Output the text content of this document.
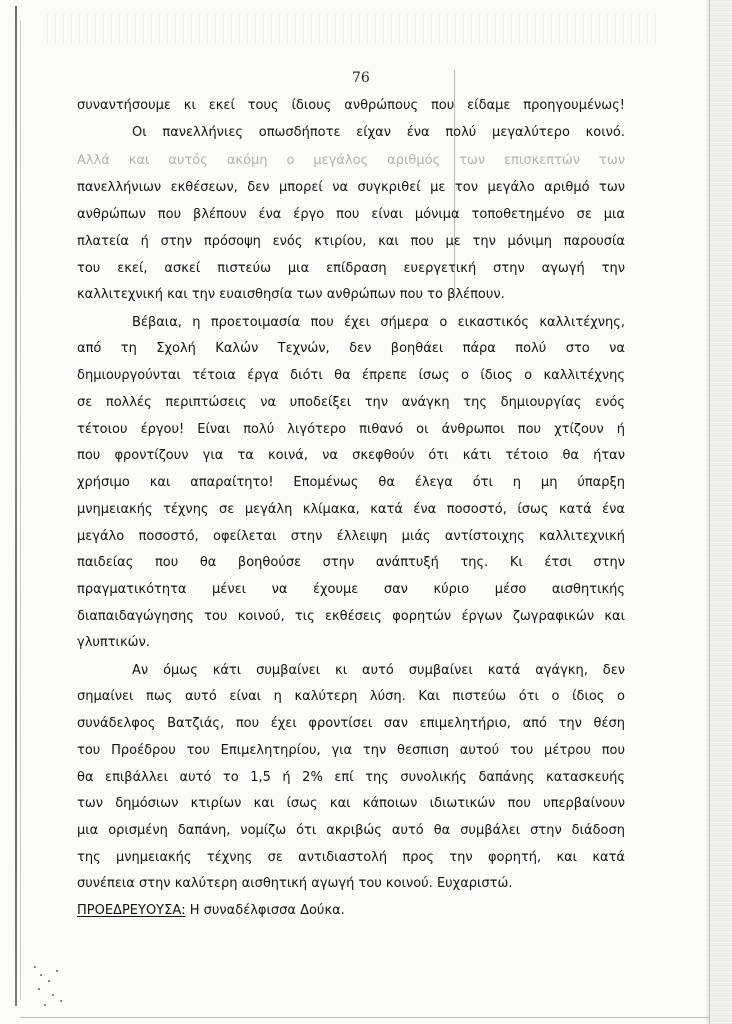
76
συναντήσουμε κι εκεί τους ίδιους ανθρώπους που είδαμε προηγουμένως!
Οι πανελλήνιες οπωσδήποτε είχαν ένα πολύ μεγαλύτερο κοινό.
Αλλά και αυτός ακόμη ο μεγάλος αριθμός των επισκεπτών των
πανελλήνιων εκθέσεων, δεν μπορεί να συγκριθεί με τον μεγάλο αριθμό των
ανθρώπων που βλέπουν ένα έργο που είναι μόνιμα τοποθετημένο σε μια
πλατεία ή στην πρόσοψη ενός κτιρίου, και που με την μόνιμη παρουσία
του εκεί, ασκεί πιστεύω μια επίδραση ευεργετική στην αγωγή την
καλλιτεχνική και την ευαισθησία των ανθρώπων που το βλέπουν.
Βέβαια, η προετοιμασία που έχει σήμερα ο εικαστικός καλλιτέχνης,
από τη Σχολή Καλών Τεχνών, δεν βοηθάει πάρα πολύ στο να
δημιουργούνται τέτοια έργα διότι θα έπρεπε ίσως ο ίδιος ο καλλιτέχνης
σε πολλές περιπτώσεις να υποδείξει την ανάγκη της δημιουργίας ενός
τέτοιου έργου! Είναι πολύ λιγότερο πιθανό οι άνθρωποι που χτίζουν ή
που φροντίζουν για τα κοινά, να σκεφθούν ότι κάτι τέτοιο θα ήταν
χρήσιμο και απαραίτητο! Επομένως θα έλεγα ότι η μη ύπαρξη
μνημειακής τέχνης σε μεγάλη κλίμακα, κατά ένα ποσοστό, ίσως κατά ένα
μεγάλο ποσοστό, οφείλεται στην έλλειψη μιάς αντίστοιχης καλλιτεχνική
παιδείας που θα βοηθούσε στην ανάπτυξή της. Κι έτσι στην
πραγματικότητα μένει να έχουμε σαν κύριο μέσο αισθητικής
διαπαιδαγώγησης του κοινού, τις εκθέσεις φορητών έργων ζωγραφικών και
γλυπτικών.
Αν όμως κάτι συμβαίνει κι αυτό συμβαίνει κατά αγάγκη, δεν
σημαίνει πως αυτό είναι η καλύτερη λύση. Και πιστεύω ότι ο ίδιος ο
συνάδελφος Βατζιάς, που έχει φροντίσει σαν επιμελητήριο, από την θέση
του Προέδρου του Επιμελητηρίου, για την θεσπιση αυτού του μέτρου που
θα επιβάλλει αυτό το 1,5 ή 2% επί της συνολικής δαπάνης κατασκευής
των δημόσιων κτιρίων και ίσως και κάποιων ιδιωτικών που υπερβαίνουν
μια ορισμένη δαπάνη, νομίζω ότι ακριβώς αυτό θα συμβάλει στην διάδοση
της μνημειακής τέχνης σε αντιδιαστολή προς την φορητή, και κατά
συνέπεια στην καλύτερη αισθητική αγωγή του κοινού. Ευχαριστώ.
ΠΡΟΕΔΡΕΥΟΥΣΑ: Η συναδέλφισσα Δούκα.
